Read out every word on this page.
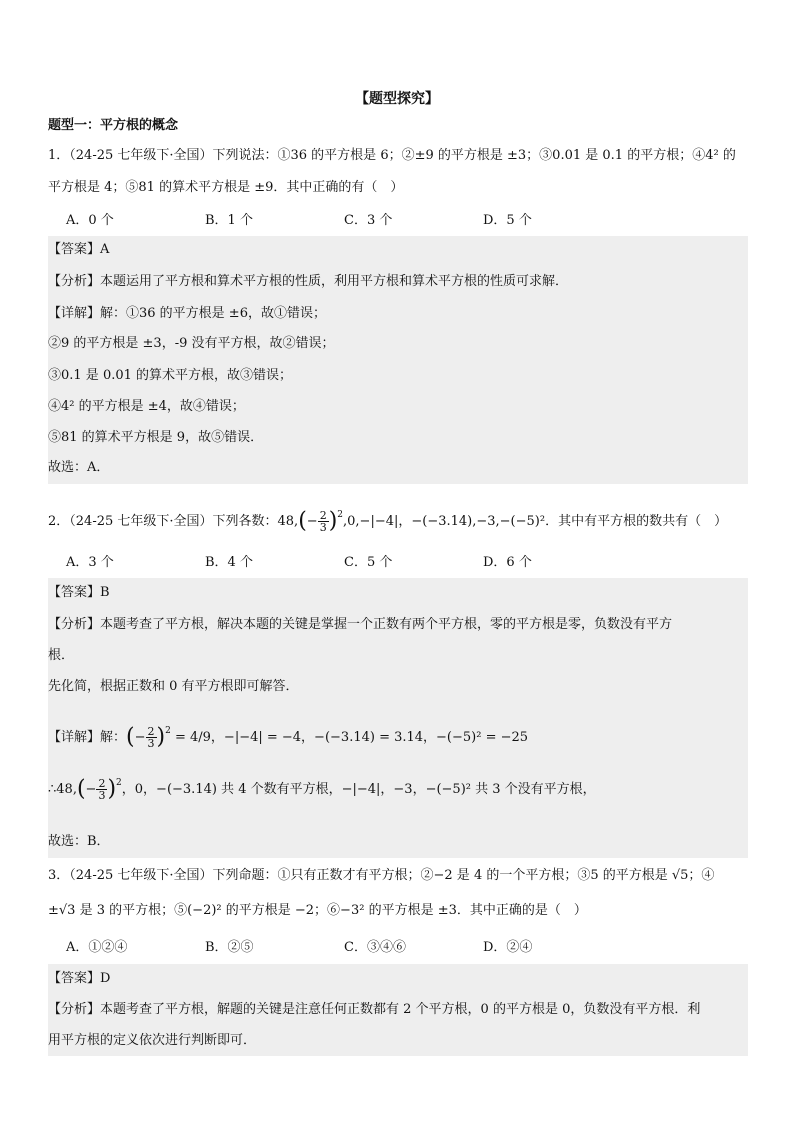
【题型探究】
题型一：平方根的概念
1．（24-25 七年级下·全国）下列说法：①36 的平方根是 6；②±9 的平方根是 ±3；③0.01 是 0.1 的平方根；④4² 的
平方根是 4；⑤81 的算术平方根是 ±9．其中正确的有（　）
A．0 个	B．1 个	C．3 个	D．5 个
【答案】A
【分析】本题运用了平方根和算术平方根的性质，利用平方根和算术平方根的性质可求解．
【详解】解：①36 的平方根是 ±6，故①错误；
②9 的平方根是 ±3，-9 没有平方根，故②错误；
③0.1 是 0.01 的算术平方根，故③错误；
④4² 的平方根是 ±4，故④错误；
⑤81 的算术平方根是 9，故⑤错误．
故选：A．
2．（24-25 七年级下·全国）下列各数：$48,(- \frac{2}{3} )^2,0,-|-4|$，−(−3.14),−3,−(−5)²．其中有平方根的数共有（　）
A．3 个	B．4 个	C．5 个	D．6 个
【答案】B
【分析】本题考查了平方根，解决本题的关键是掌握一个正数有两个平方根，零的平方根是零，负数没有平方
根．
先化简，根据正数和 0 有平方根即可解答．
【详解】解：(− $\frac{2}{3} )^2 = 4/9$，−|−4| = −4，−(−3.14) = 3.14，−(−5)² = −25
∴48,(− $\frac{2}{3} )^2$，0，−(−3.14) 共 4 个数有平方根，−|−4|，−3，−(−5)² 共 3 个没有平方根，
故选：B．
3．（24-25 七年级下·全国）下列命题：①只有正数才有平方根；②−2 是 4 的一个平方根；③5 的平方根是 √5；④
±√3 是 3 的平方根；⑤(−2)² 的平方根是 −2；⑥−3² 的平方根是 ±3．其中正确的是（　）
A．①②④	B．②⑤	C．③④⑥	D．②④
【答案】D
【分析】本题考查了平方根，解题的关键是注意任何正数都有 2 个平方根，0 的平方根是 0，负数没有平方根．利
用平方根的定义依次进行判断即可．
